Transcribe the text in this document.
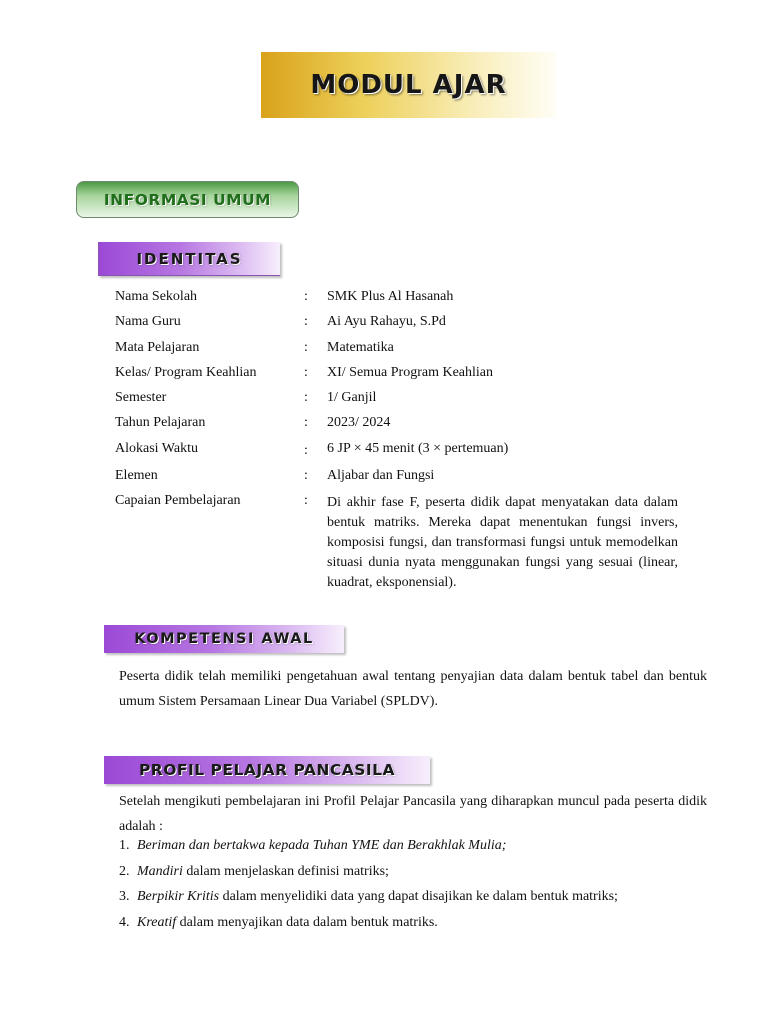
MODUL AJAR
INFORMASI UMUM
IDENTITAS
Nama Sekolah	: SMK Plus Al Hasanah
Nama Guru	: Ai Ayu Rahayu, S.Pd
Mata Pelajaran	: Matematika
Kelas/ Program Keahlian	: XI/ Semua Program Keahlian
Semester	: 1/ Ganjil
Tahun Pelajaran	: 2023/ 2024
Alokasi Waktu	: 6 JP × 45 menit (3 × pertemuan)
Elemen	: Aljabar dan Fungsi
Capaian Pembelajaran	: Di akhir fase F, peserta didik dapat menyatakan data dalam bentuk matriks. Mereka dapat menentukan fungsi invers, komposisi fungsi, dan transformasi fungsi untuk memodelkan situasi dunia nyata menggunakan fungsi yang sesuai (linear, kuadrat, eksponensial).
KOMPETENSI AWAL

Peserta didik telah memiliki pengetahuan awal tentang penyajian data dalam bentuk tabel dan bentuk umum Sistem Persamaan Linear Dua Variabel (SPLDV).

PROFIL PELAJAR PANCASILA

Setelah mengikuti pembelajaran ini Profil Pelajar Pancasila yang diharapkan muncul pada peserta didik adalah :

1. Beriman dan bertakwa kepada Tuhan YME dan Berakhlak Mulia;
2. Mandiri dalam menjelaskan definisi matriks;
3. Berpikir Kritis dalam menyelidiki data yang dapat disajikan ke dalam bentuk matriks;
4. Kreatif dalam menyajikan data dalam bentuk matriks.
